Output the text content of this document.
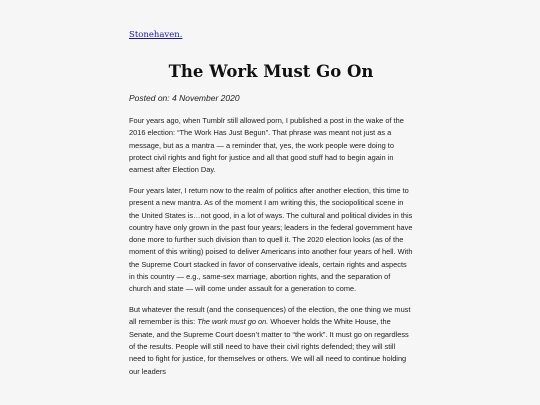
Stonehaven.
The Work Must Go On
Posted on: 4 November 2020

Four years ago, when Tumblr still allowed porn, I published a post in the wake of the 2016 election: “The Work Has Just Begun”. That phrase was meant not just as a message, but as a mantra — a reminder that, yes, the work people were doing to protect civil rights and fight for justice and all that good stuff had to begin again in earnest after Election Day.

Four years later, I return now to the realm of politics after another election, this time to present a new mantra. As of the moment I am writing this, the sociopolitical scene in the United States is…not good, in a lot of ways. The cultural and political divides in this country have only grown in the past four years; leaders in the federal government have done more to further such division than to quell it. The 2020 election looks (as of the moment of this writing) poised to deliver Americans into another four years of hell. With the Supreme Court stacked in favor of conservative ideals, certain rights and aspects in this country — e.g., same-sex marriage, abortion rights, and the separation of church and state — will come under assault for a generation to come.

But whatever the result (and the consequences) of the election, the one thing we must all remember is this: The work must go on. Whoever holds the White House, the Senate, and the Supreme Court doesn’t matter to “the work”. It must go on regardless of the results. People will still need to have their civil rights defended; they will still need to fight for justice, for themselves or others. We will all need to continue holding our leaders
